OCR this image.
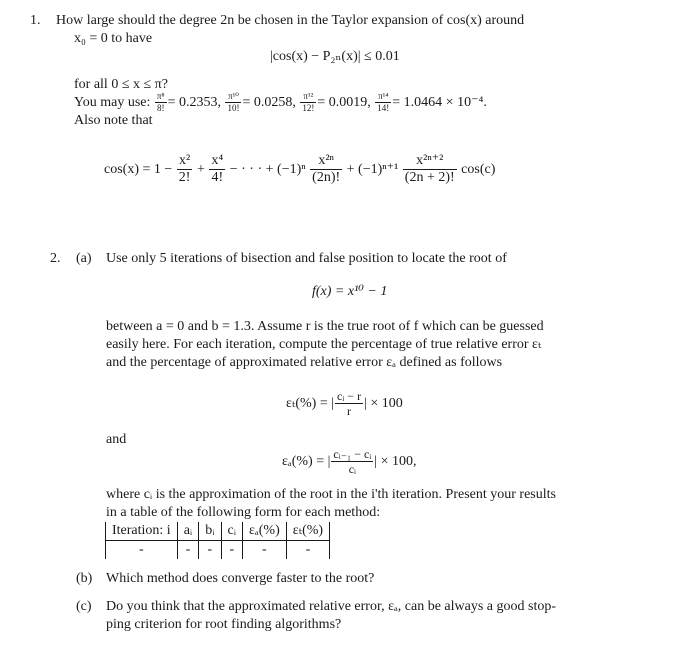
1. How large should the degree 2n be chosen in the Taylor expansion of cos(x) around
x₀ = 0 to have
|cos(x) − P₂ₙ(x)| ≤ 0.01
for all 0 ≤ x ≤ π?
You may use: $\frac{\text{π⁸}}{8!} = 0.2353$, $\frac{\text{π¹⁰}}{10!} = 0.0258$, $\frac{\text{π¹²}}{12!} = 0.0019$, $\frac{\text{π¹⁴}}{14!} = 1.0464 \times 10^{-4}$.
Also note that
$\cos(x) = 1 - \frac{\text{x²}}{2!} + \frac{\text{x⁴}}{4!}$ − · · · + $(-1)^n \frac{\text{x²ⁿ}}{(2n)!} + (-1)^{n+1} \frac{\text{x²ⁿ⁺²}}{(2n + 2)!} \cos(c)$
2. (a) Use only 5 iterations of bisection and false position to locate the root of
f(x) = x¹⁰ − 1
between a = 0 and b = 1.3. Assume r is the true root of f which can be guessed
easily here. For each iteration, compute the percentage of true relative error εₜ
and the percentage of approximated relative error εₐ defined as follows
εₜ(%) = | $\frac{\text{cᵢ − r}}{r}$ | × 100
and
εₐ(%) = | $\frac{\text{cᵢ₋₁ − cᵢ}}{\text{cᵢ}}$ | × 100,
where cᵢ is the approximation of the root in the i'th iteration. Present your results
in a table of the following form for each method:
Iteration: i	aᵢ	bᵢ	cᵢ	εₐ(%)	εₜ(%)
-	-	-	-	-	-
(b) Which method does converge faster to the root?
(c) Do you think that the approximated relative error, εₐ, can be always a good stop-
ping criterion for root finding algorithms?
